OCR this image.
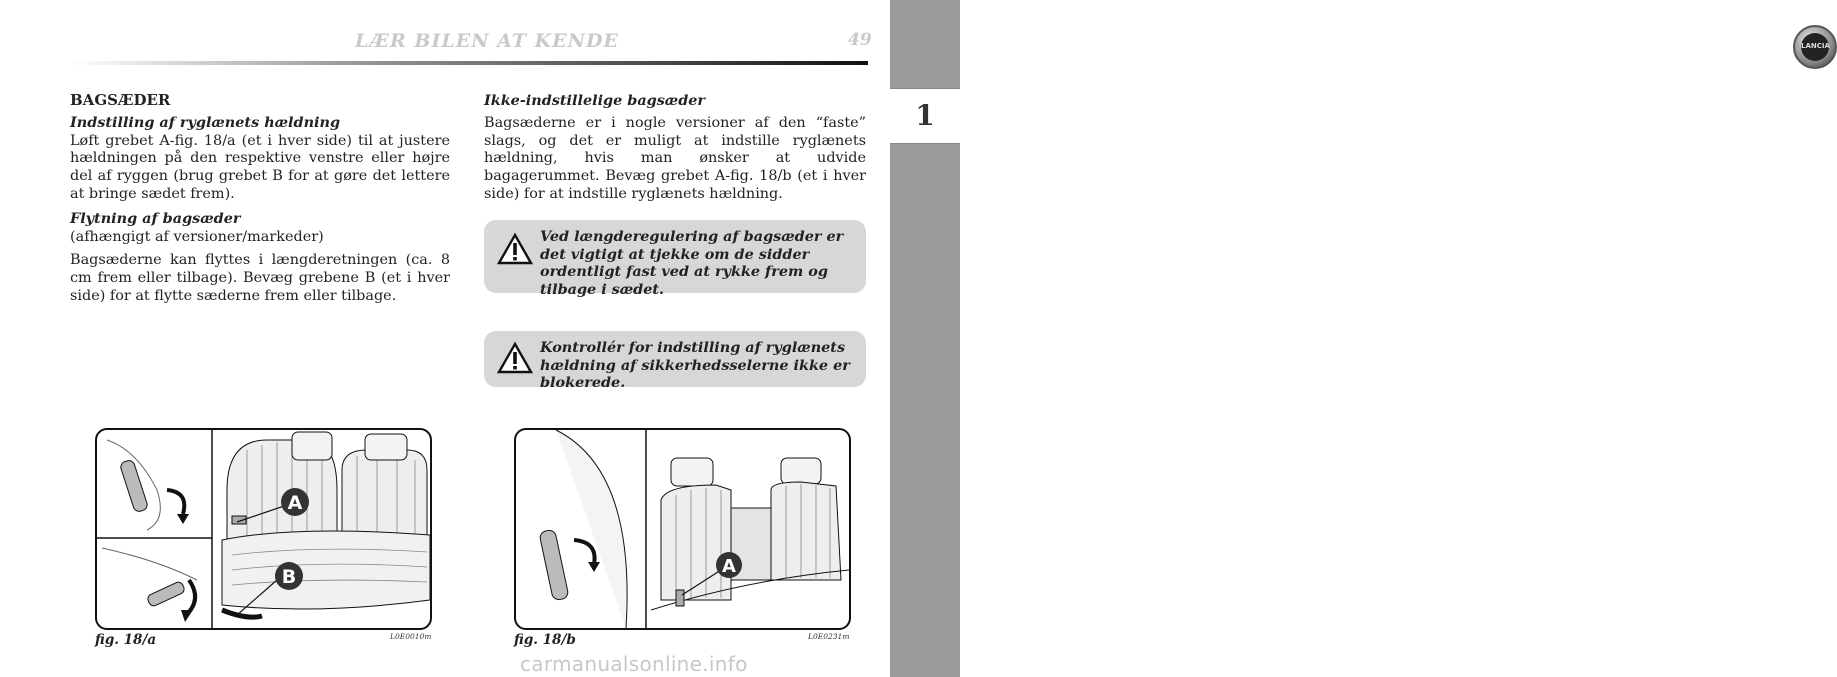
LÆR BILEN AT KENDE	49	LANCIA
1
BAGSÆDER
Indstilling af ryglænets hældning

Løft grebet A-fig. 18/a (et i hver side) til at justere hældningen på den respektive venstre eller højre del af ryggen (brug grebet B for at gøre det lettere at bringe sædet frem).

Flytning af bagsæder
(afhængigt af versioner/markeder)

Bagsæderne kan flyttes i længderetningen (ca. 8 cm frem eller tilbage). Bevæg grebene B (et i hver side) for at flytte sæderne frem eller tilbage.

Ikke-indstillelige bagsæder

Bagsæderne er i nogle versioner af den “faste” slags, og det er muligt at indstille ryglænets hældning, hvis man ønsker at udvide bagagerummet. Bevæg grebet A-fig. 18/b (et i hver side) for at indstille ryglænets hældning.

Ved længderegulering af bagsæder er det vigtigt at tjekke om de sidder ordentligt fast ved at rykke frem og tilbage i sædet.
Kontrollér for indstilling af ryglænets hældning af sikkerhedsselerne ikke er blokerede.
A
B
fig. 18/a	L0E0010m
A
fig. 18/b	L0E0231m
carmanualsonline.info
